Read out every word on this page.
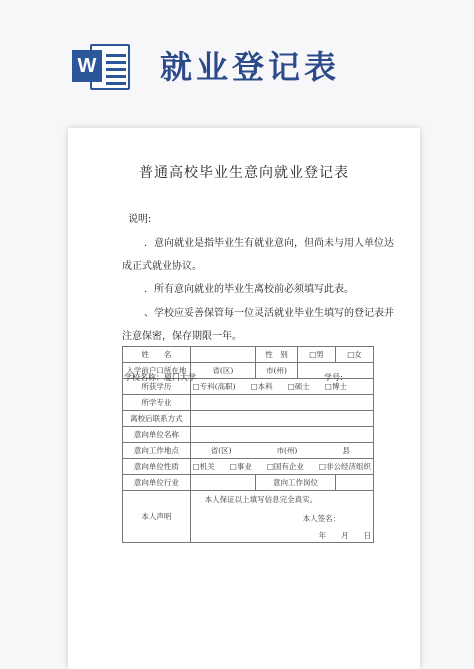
W 就业登记表
普通高校毕业生意向就业登记表
说明:
．意向就业是指毕业生有就业意向，但尚未与用人单位达
成正式就业协议。
．所有意向就业的毕业生离校前必须填写此表。
、学校应妥善保管每一位灵活就业毕业生填写的登记表并
注意保密，保存期限一年。
姓　　名		性　别	□男	□女
入学前户口所在地	省(区)	市(州)		
所获学历	□专科(高职)　　□本科　　□硕士　　□博士			
所学专业				
离校后联系方式				
意向单位名称				
意向工作地点	省(区)　　　　　　市(州)　　　　　　县			
意向单位性质	□机关　　□事业　　□国有企业　　□非公经济组织			
意向单位行业		意向工作岗位		
本人声明	本人保证以上填写信息完全真实。
本人签名：
年　　月　　日			
学校名称：厦门大学	学号:
